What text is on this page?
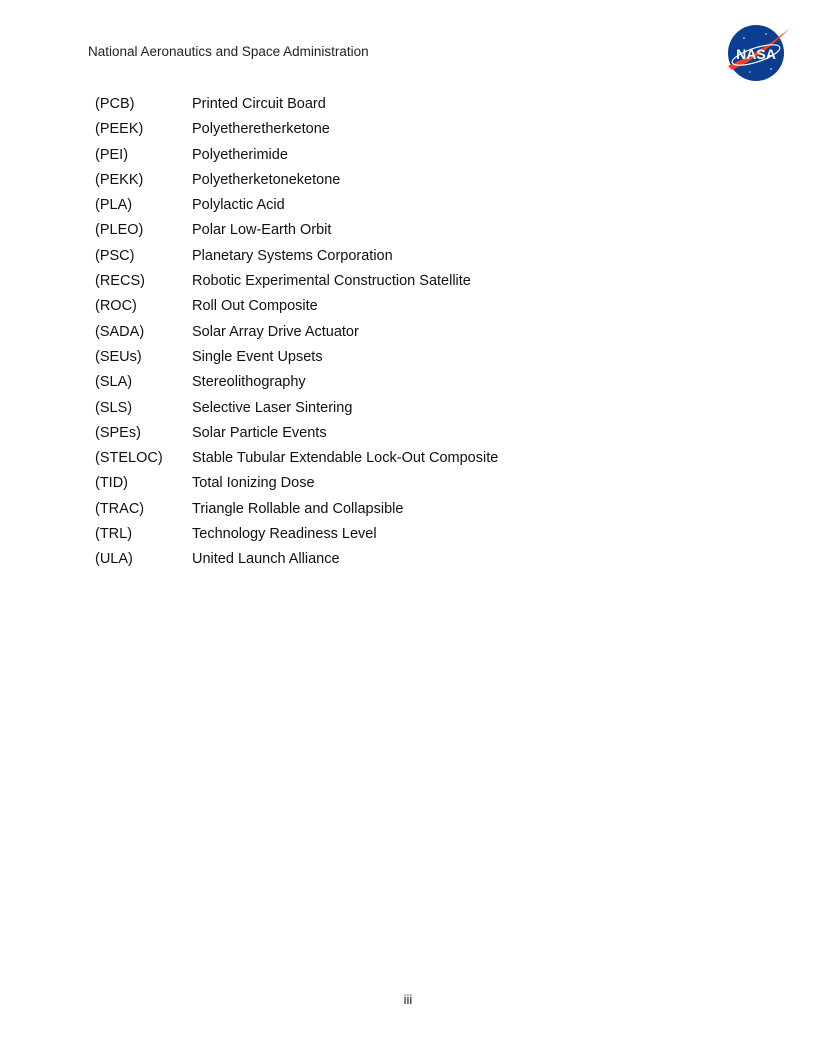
National Aeronautics and Space Administration	NASA
(PCB)	Printed Circuit Board
(PEEK)	Polyetheretherketone
(PEI)	Polyetherimide
(PEKK)	Polyetherketoneketone
(PLA)	Polylactic Acid
(PLEO)	Polar Low-Earth Orbit
(PSC)	Planetary Systems Corporation
(RECS)	Robotic Experimental Construction Satellite
(ROC)	Roll Out Composite
(SADA)	Solar Array Drive Actuator
(SEUs)	Single Event Upsets
(SLA)	Stereolithography
(SLS)	Selective Laser Sintering
(SPEs)	Solar Particle Events
(STELOC) Stable Tubular Extendable Lock-Out Composite
(TID)	Total Ionizing Dose
(TRAC)	Triangle Rollable and Collapsible
(TRL)	Technology Readiness Level
(ULA)	United Launch Alliance
iii
